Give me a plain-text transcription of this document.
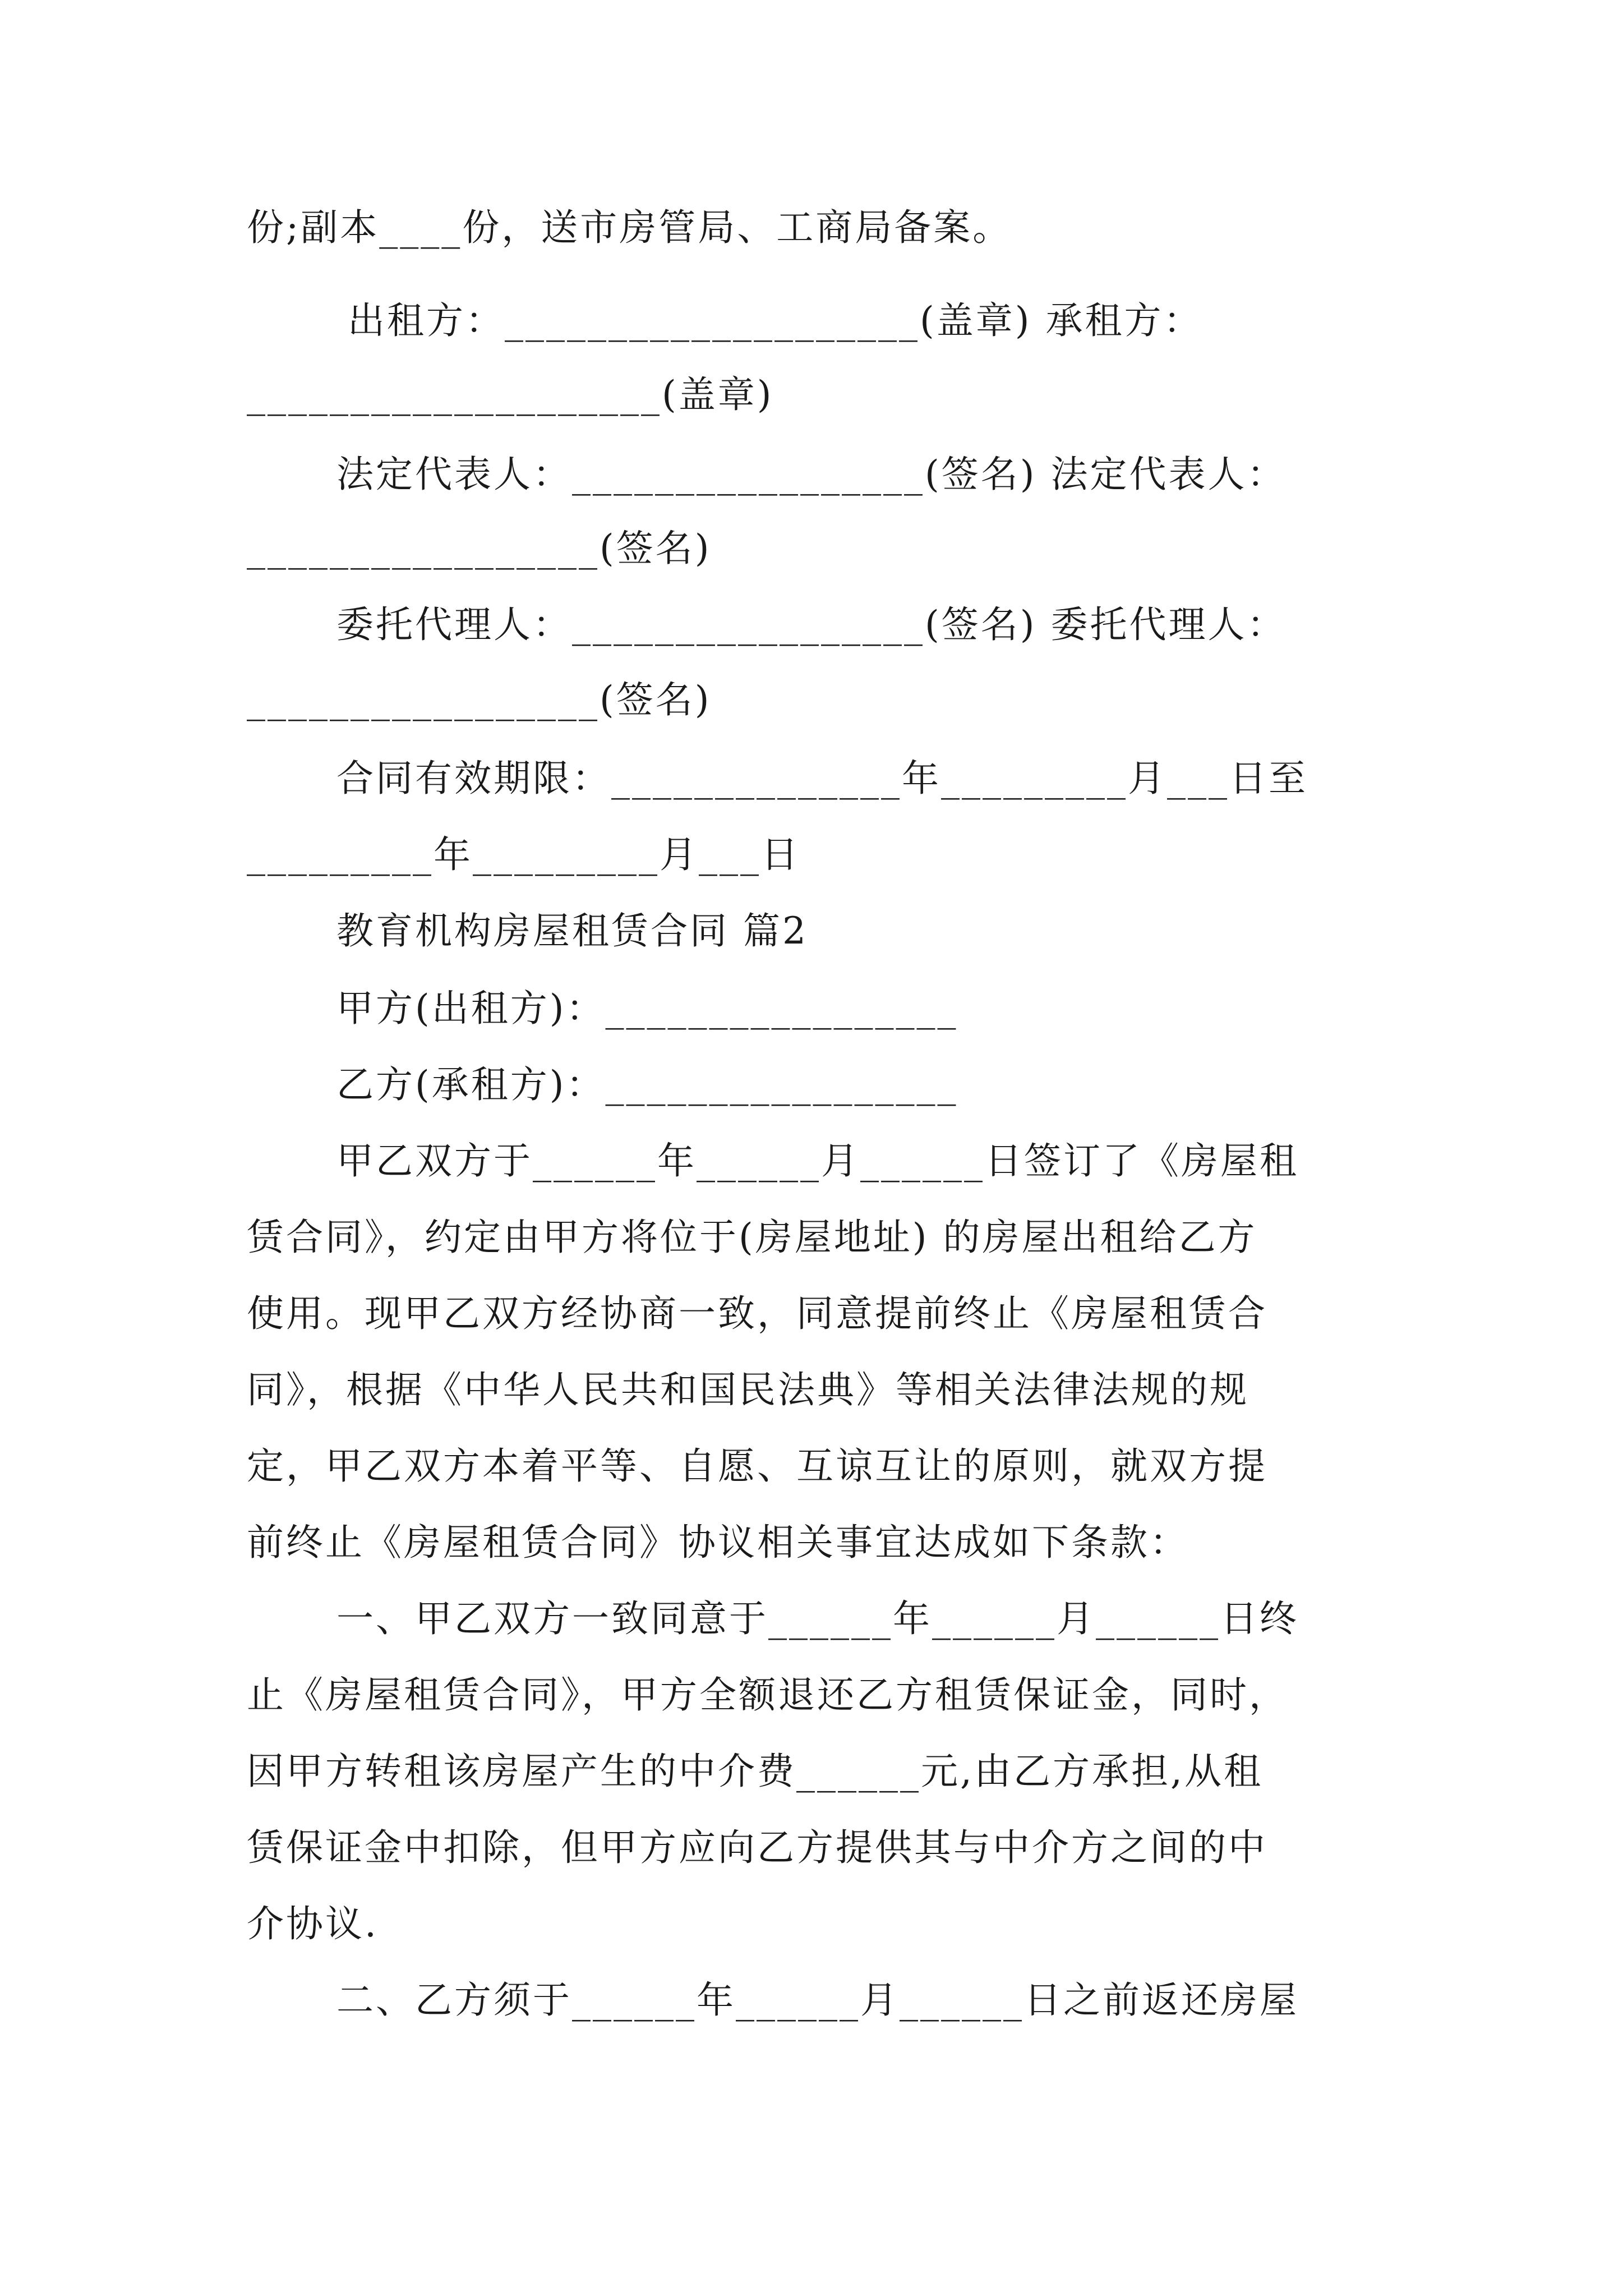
份;副本____份，送市房管局、工商局备案。
出租方：____________________(盖章) 承租方：
____________________(盖章)
法定代表人：_________________(签名) 法定代表人：
_________________(签名)
委托代理人：_________________(签名) 委托代理人：
_________________(签名)
合同有效期限：______________年_________月___日至
_________年_________月___日
教育机构房屋租赁合同 篇2
甲方(出租方)：_________________
乙方(承租方)：_________________
甲乙双方于______年______月______日签订了《房屋租
赁合同》，约定由甲方将位于(房屋地址) 的房屋出租给乙方
使用。现甲乙双方经协商一致，同意提前终止《房屋租赁合
同》，根据《中华人民共和国民法典》等相关法律法规的规
定，甲乙双方本着平等、自愿、互谅互让的原则，就双方提
前终止《房屋租赁合同》协议相关事宜达成如下条款：
一、甲乙双方一致同意于______年______月______日终
止《房屋租赁合同》，甲方全额退还乙方租赁保证金，同时，
因甲方转租该房屋产生的中介费______元,由乙方承担,从租
赁保证金中扣除，但甲方应向乙方提供其与中介方之间的中
介协议.
二、乙方须于______年______月______日之前返还房屋
